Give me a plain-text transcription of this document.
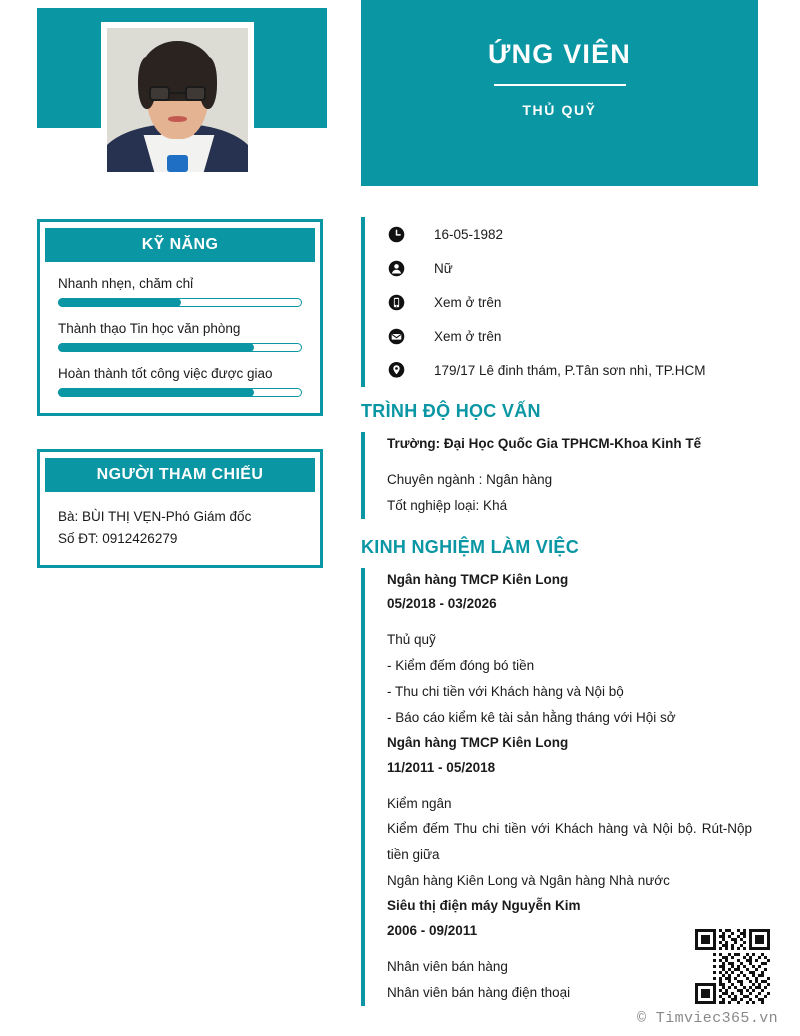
KỸ NĂNG
Nhanh nhẹn, chăm chỉ
Thành thạo Tin học văn phòng
Hoàn thành tốt công việc được giao
NGƯỜI THAM CHIẾU
Bà: BÙI THỊ VẸN-Phó Giám đốc
Số ĐT: 0912426279
ỨNG VIÊN
THỦ QUỸ
16-05-1982
Nữ
Xem ở trên
Xem ở trên
179/17 Lê đinh thám, P.Tân sơn nhì, TP.HCM
TRÌNH ĐỘ HỌC VẤN
Trường: Đại Học Quốc Gia TPHCM-Khoa Kinh Tế
Chuyên ngành : Ngân hàng
Tốt nghiệp loại: Khá
KINH NGHIỆM LÀM VIỆC
Ngân hàng TMCP Kiên Long
05/2018 - 03/2026
Thủ quỹ
- Kiểm đếm đóng bó tiền
- Thu chi tiền với Khách hàng và Nội bộ
- Báo cáo kiểm kê tài sản hằng tháng với Hội sở
Ngân hàng TMCP Kiên Long
11/2011 - 05/2018
Kiểm ngân
Kiểm đếm Thu chi tiền với Khách hàng và Nội bộ. Rút-Nộp tiền giữa
Ngân hàng Kiên Long và Ngân hàng Nhà nước
Siêu thị điện máy Nguyễn Kim
2006 - 09/2011
Nhân viên bán hàng
Nhân viên bán hàng điện thoại
© Timviec365.vn
